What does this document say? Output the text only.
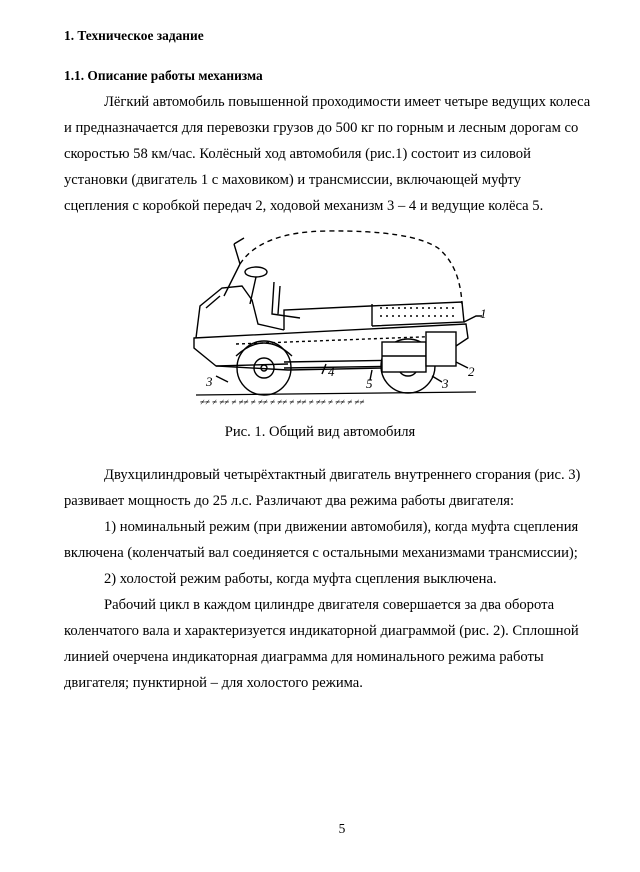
1. Техническое задание
1.1. Описание работы механизма
Лёгкий автомобиль повышенной проходимости имеет четыре ведущих колеса
и предназначается для перевозки грузов до 500 кг по горным и лесным дорогам со
скоростью 58 км/час. Колёсный ход автомобиля (рис.1) состоит из силовой
установки (двигатель 1 с маховиком) и трансмиссии, включающей муфту
сцепления с коробкой передач 2, ходовой механизм 3 – 4 и ведущие колёса 5.
≠≠ ≠ ≠≠ ≠ ≠≠ ≠ ≠≠ ≠ ≠≠ ≠ ≠≠ ≠ ≠≠ ≠ ≠≠ ≠ ≠≠
1
2
3	3
4
5
Рис. 1. Общий вид автомобиля
Двухцилиндровый четырёхтактный двигатель внутреннего сгорания (рис. 3)
развивает мощность до 25 л.с. Различают два режима работы двигателя:
1) номинальный режим (при движении автомобиля), когда муфта сцепления
включена (коленчатый вал соединяется с остальными механизмами трансмиссии);
2) холостой режим работы, когда муфта сцепления выключена.
Рабочий цикл в каждом цилиндре двигателя совершается за два оборота
коленчатого вала и характеризуется индикаторной диаграммой (рис. 2). Сплошной
линией очерчена индикаторная диаграмма для номинального режима работы
двигателя; пунктирной – для холостого режима.
5
